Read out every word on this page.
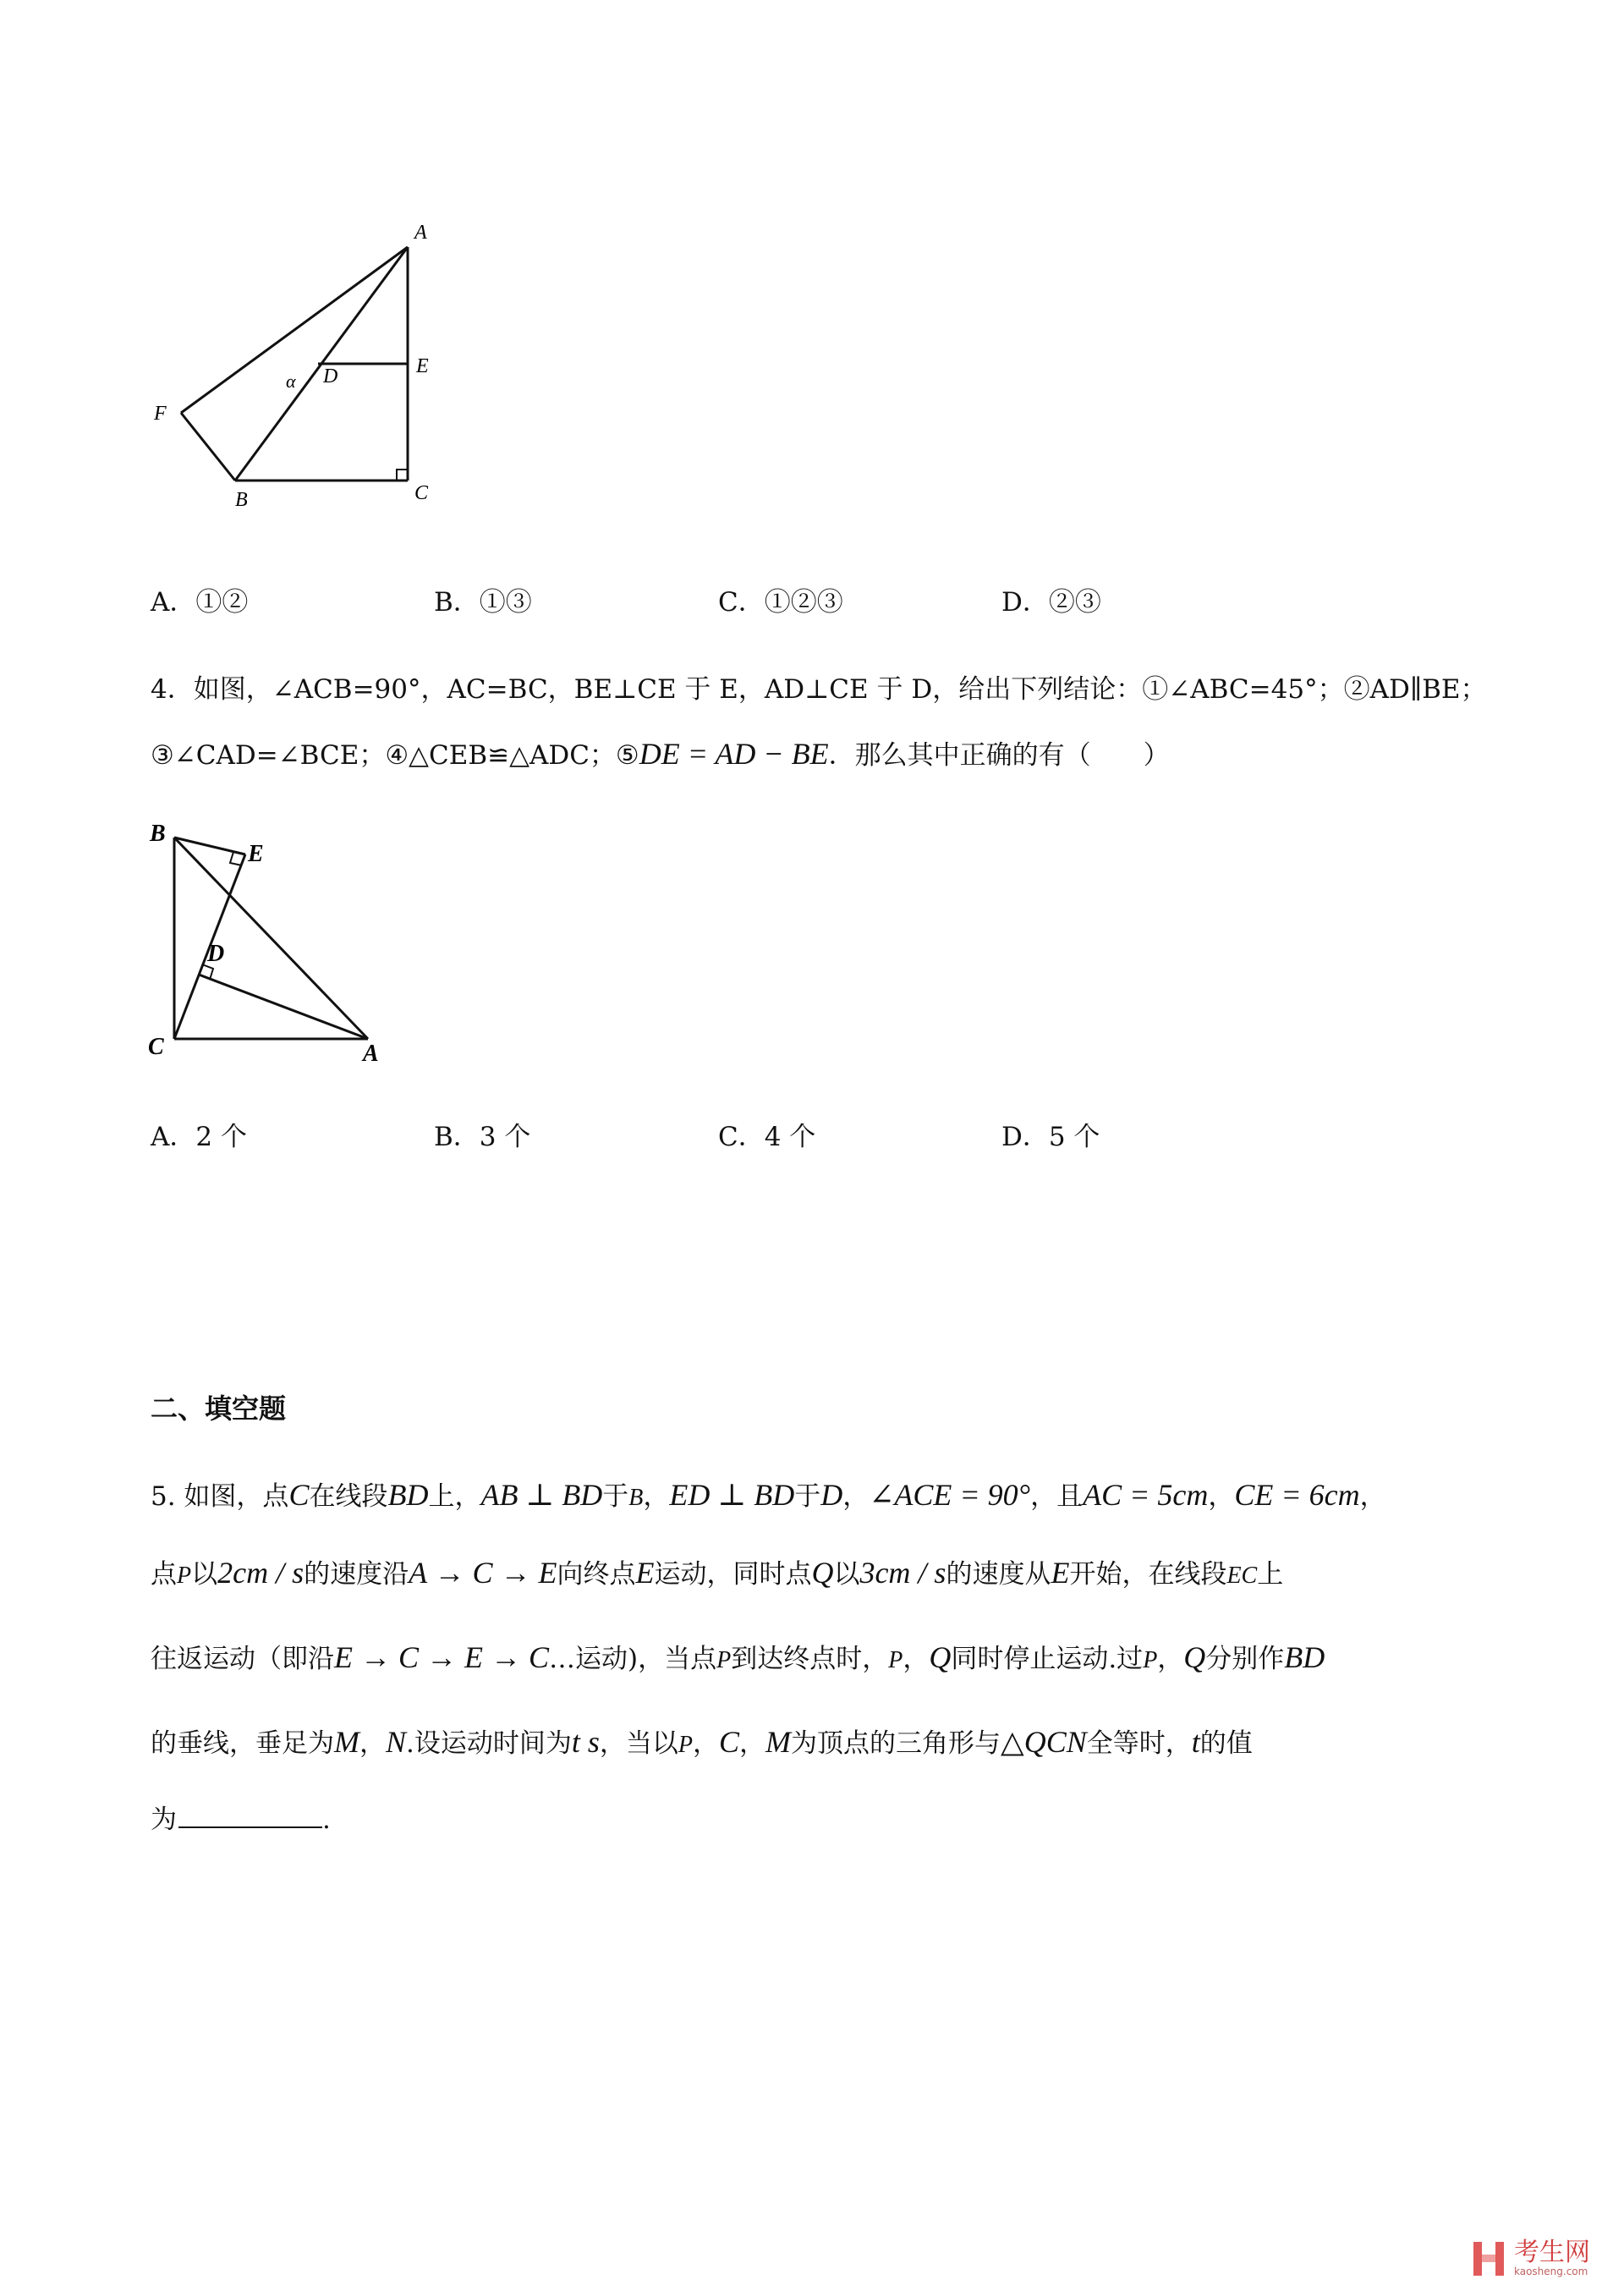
A
E
C
B
F
D
α
A．①②	B．①③	C．①②③	D．②③
4．如图，∠ACB=90°，AC=BC，BE⊥CE 于 E，AD⊥CE 于 D，给出下列结论：①∠ABC=45°；②AD∥BE；
③∠CAD=∠BCE；④△CEB≌△ADC；⑤DE = AD − BE．那么其中正确的有（　　）
B
E
D
C	A
A．2 个	B．3 个	C．4 个	D．5 个
二、填空题
5. 如图，点C在线段BD上，AB ⊥ BD于B，ED ⊥ BD于D，∠ACE = 90°，且AC = 5cm，CE = 6cm，
点P以2cm / s的速度沿A → C → E向终点E运动，同时点Q以3cm / s的速度从E开始，在线段EC上
往返运动（即沿E → C → E → C…运动)，当点P到达终点时，P，Q同时停止运动.过P，Q分别作BD
的垂线，垂足为M，N.设运动时间为t s，当以P，C，M为顶点的三角形与△QCN全等时，t的值
为	.
考生网
kaosheng.com
